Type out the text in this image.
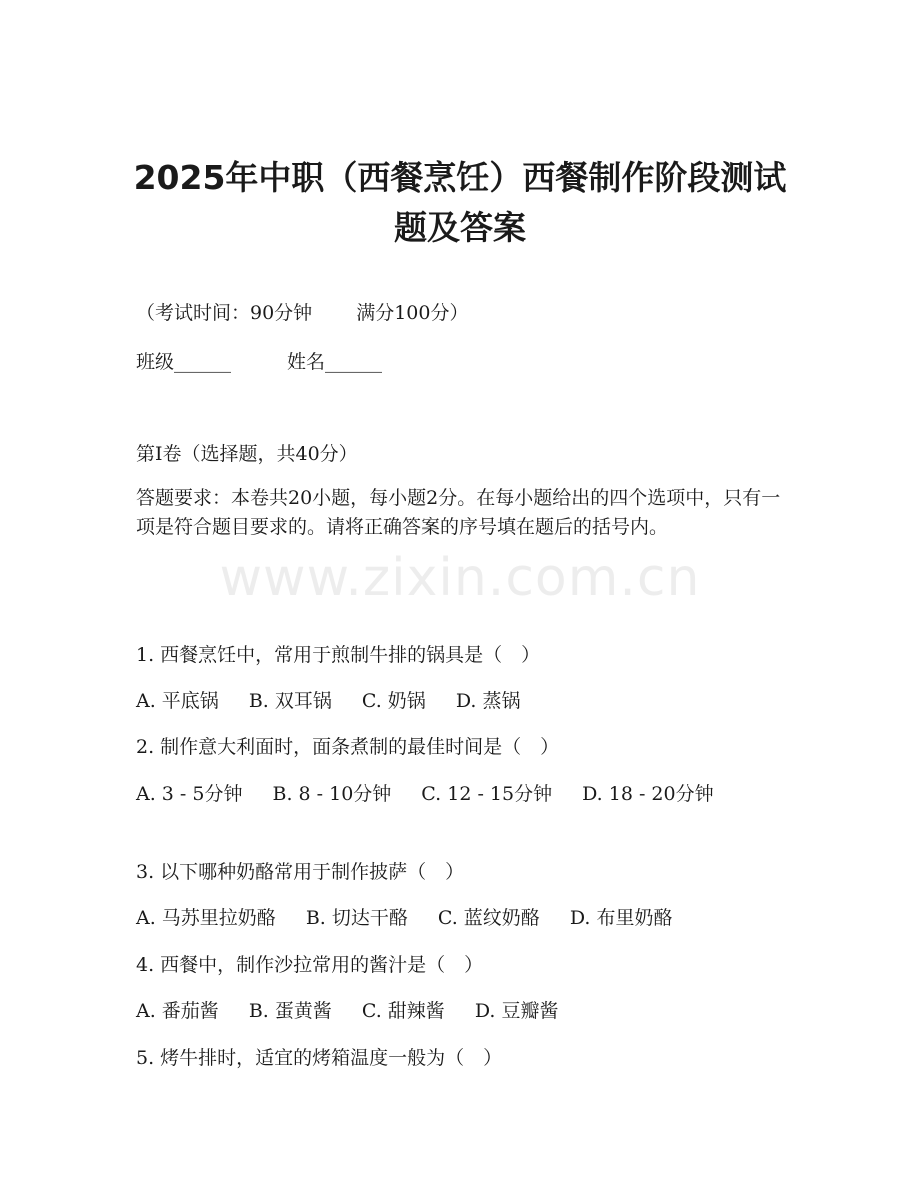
2025年中职（西餐烹饪）西餐制作阶段测试
题及答案

（考试时间：90分钟 满分100分）

班级______	姓名______

第I卷（选择题，共40分）

答题要求：本卷共20小题，每小题2分。在每小题给出的四个选项中，只有一项是符合题目要求的。请将正确答案的序号填在题后的括号内。

www.zixin.com.cn

1. 西餐烹饪中，常用于煎制牛排的锅具是（　）

A. 平底锅 B. 双耳锅 C. 奶锅 D. 蒸锅

2. 制作意大利面时，面条煮制的最佳时间是（　）

A. 3 - 5分钟 B. 8 - 10分钟 C. 12 - 15分钟 D. 18 - 20分钟

3. 以下哪种奶酪常用于制作披萨（　）

A. 马苏里拉奶酪 B. 切达干酪 C. 蓝纹奶酪 D. 布里奶酪

4. 西餐中，制作沙拉常用的酱汁是（　）

A. 番茄酱 B. 蛋黄酱 C. 甜辣酱 D. 豆瓣酱

5. 烤牛排时，适宜的烤箱温度一般为（　）
